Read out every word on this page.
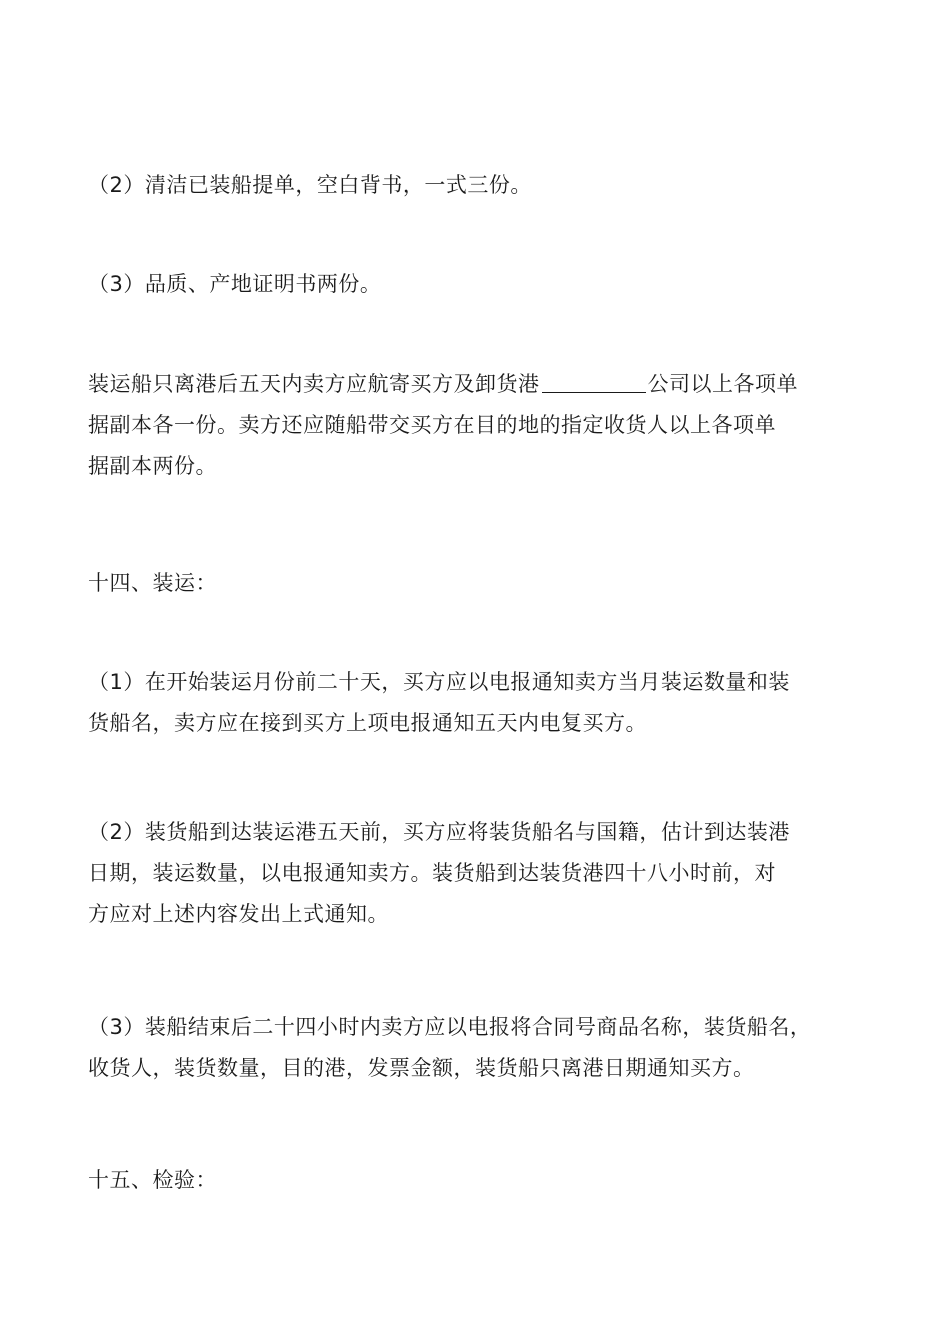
（2）清洁已装船提单，空白背书，一式三份。

（3）品质、产地证明书两份。

装运船只离港后五天内卖方应航寄买方及卸货港	公司以上各项单
据副本各一份。卖方还应随船带交买方在目的地的指定收货人以上各项单
据副本两份。

十四、装运：

（1）在开始装运月份前二十天，买方应以电报通知卖方当月装运数量和装
货船名，卖方应在接到买方上项电报通知五天内电复买方。

（2）装货船到达装运港五天前，买方应将装货船名与国籍，估计到达装港
日期，装运数量，以电报通知卖方。装货船到达装货港四十八小时前，对
方应对上述内容发出上式通知。

（3）装船结束后二十四小时内卖方应以电报将合同号商品名称，装货船名，
收货人，装货数量，目的港，发票金额，装货船只离港日期通知买方。

十五、检验：
